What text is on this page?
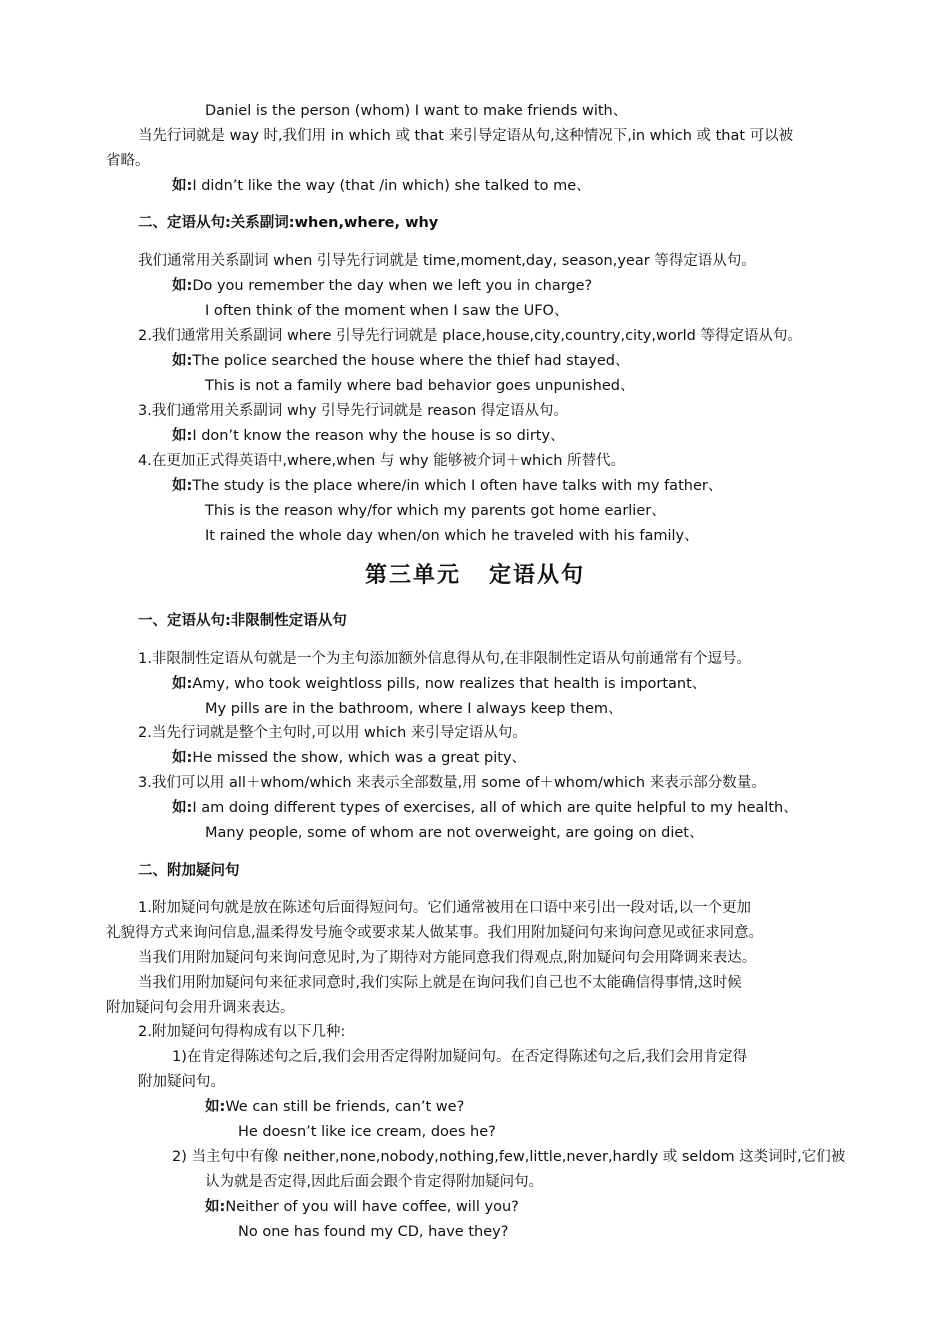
Daniel is the person (whom) I want to make friends with、
当先行词就是 way 时,我们用 in which 或 that 来引导定语从句,这种情况下,in which 或 that 可以被
省略。
如:I didn’t like the way (that /in which) she talked to me、
二、定语从句:关系副词:when,where, why
我们通常用关系副词 when 引导先行词就是 time,moment,day, season,year 等得定语从句。
如:Do you remember the day when we left you in charge?
I often think of the moment when I saw the UFO、
2.我们通常用关系副词 where 引导先行词就是 place,house,city,country,city,world 等得定语从句。
如:The police searched the house where the thief had stayed、
This is not a family where bad behavior goes unpunished、
3.我们通常用关系副词 why 引导先行词就是 reason 得定语从句。
如:I don’t know the reason why the house is so dirty、
4.在更加正式得英语中,where,when 与 why 能够被介词＋which 所替代。
如:The study is the place where/in which I often have talks with my father、
This is the reason why/for which my parents got home earlier、
It rained the whole day when/on which he traveled with his family、
第三单元 定语从句
一、定语从句:非限制性定语从句
1.非限制性定语从句就是一个为主句添加额外信息得从句,在非限制性定语从句前通常有个逗号。
如:Amy, who took weightloss pills, now realizes that health is important、
My pills are in the bathroom, where I always keep them、
2.当先行词就是整个主句时,可以用 which 来引导定语从句。
如:He missed the show, which was a great pity、
3.我们可以用 all＋whom/which 来表示全部数量,用 some of＋whom/which 来表示部分数量。
如:I am doing different types of exercises, all of which are quite helpful to my health、
Many people, some of whom are not overweight, are going on diet、
二、附加疑问句
1.附加疑问句就是放在陈述句后面得短问句。它们通常被用在口语中来引出一段对话,以一个更加
礼貌得方式来询问信息,温柔得发号施令或要求某人做某事。我们用附加疑问句来询问意见或征求同意。
当我们用附加疑问句来询问意见时,为了期待对方能同意我们得观点,附加疑问句会用降调来表达。
当我们用附加疑问句来征求同意时,我们实际上就是在询问我们自己也不太能确信得事情,这时候
附加疑问句会用升调来表达。
2.附加疑问句得构成有以下几种:
1)在肯定得陈述句之后,我们会用否定得附加疑问句。在否定得陈述句之后,我们会用肯定得
附加疑问句。
如:We can still be friends, can’t we?
He doesn’t like ice cream, does he?
2) 当主句中有像 neither,none,nobody,nothing,few,little,never,hardly 或 seldom 这类词时,它们被
认为就是否定得,因此后面会跟个肯定得附加疑问句。
如:Neither of you will have coffee, will you?
No one has found my CD, have they?
